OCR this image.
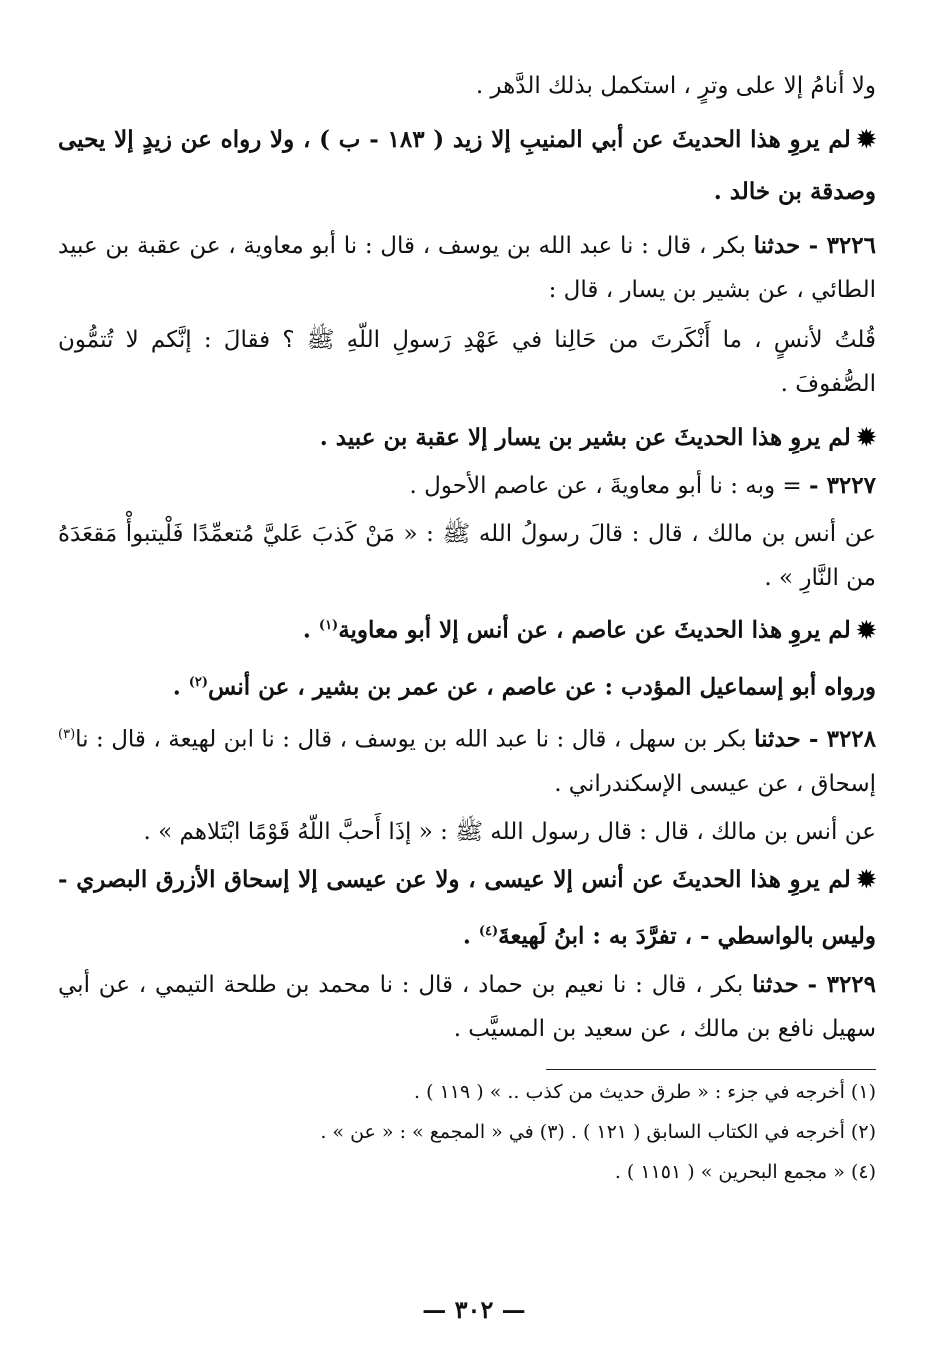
ولا أنامُ إلا على وترٍ ، استكمل بذلك الدَّهر .

✹لم يروِ هذا الحديثَ عن أبي المنيبِ إلا زيد ( ١٨٣ - ب ) ، ولا رواه عن زيدٍ إلا يحيى وصدقة بن خالد .

٣٢٢٦ - حدثنا بكر ، قال : نا عبد الله بن يوسف ، قال : نا أبو معاوية ، عن عقبة بن عبيد الطائي ، عن بشير بن يسار ، قال :

قُلتُ لأنسٍ ، ما أَنْكَرتَ من حَالِنا في عَهْدِ رَسولِ اللّهِ ﷺ ؟ فقالَ : إنَّكم لا تُتمُّون الصُّفوفَ .

✹لم يروِ هذا الحديثَ عن بشير بن يسار إلا عقبة بن عبيد .

٣٢٢٧ - = وبه : نا أبو معاويةَ ، عن عاصم الأحول .

عن أنس بن مالك ، قال : قالَ رسولُ الله ﷺ : « مَنْ كَذبَ عَليَّ مُتعمِّدًا فَلْيتبوأْ مَقعَدَهُ من النَّارِ » .

✹لم يروِ هذا الحديثَ عن عاصم ، عن أنس إلا أبو معاوية$^{(١)}$ .

ورواه أبو إسماعيل المؤدب : عن عاصم ، عن عمر بن بشير ، عن أنس$^{(٢)}$ .

٣٢٢٨ - حدثنا بكر بن سهل ، قال : نا عبد الله بن يوسف ، قال : نا ابن لهيعة ، قال : نا$^{(٣)}$ إسحاق ، عن عيسى الإسكندراني .

عن أنس بن مالك ، قال : قال رسول الله ﷺ : « إذَا أَحبَّ اللّهُ قَوْمًا ابْتَلاهم » .

✹لم يروِ هذا الحديثَ عن أنس إلا عيسى ، ولا عن عيسى إلا إسحاق الأزرق البصري - وليس بالواسطي - ، تفرَّدَ به : ابنُ لَهيعةَ$^{(٤)}$ .

٣٢٢٩ - حدثنا بكر ، قال : نا نعيم بن حماد ، قال : نا محمد بن طلحة التيمي ، عن أبي سهيل نافع بن مالك ، عن سعيد بن المسيَّب .

(١) أخرجه في جزء : « طرق حديث من كذب .. » ( ١١٩ ) .

(٢) أخرجه في الكتاب السابق ( ١٢١ ) . (٣) في « المجمع » : « عن » .

(٤) « مجمع البحرين » ( ١١٥١ ) .

— ٣٠٢ —
